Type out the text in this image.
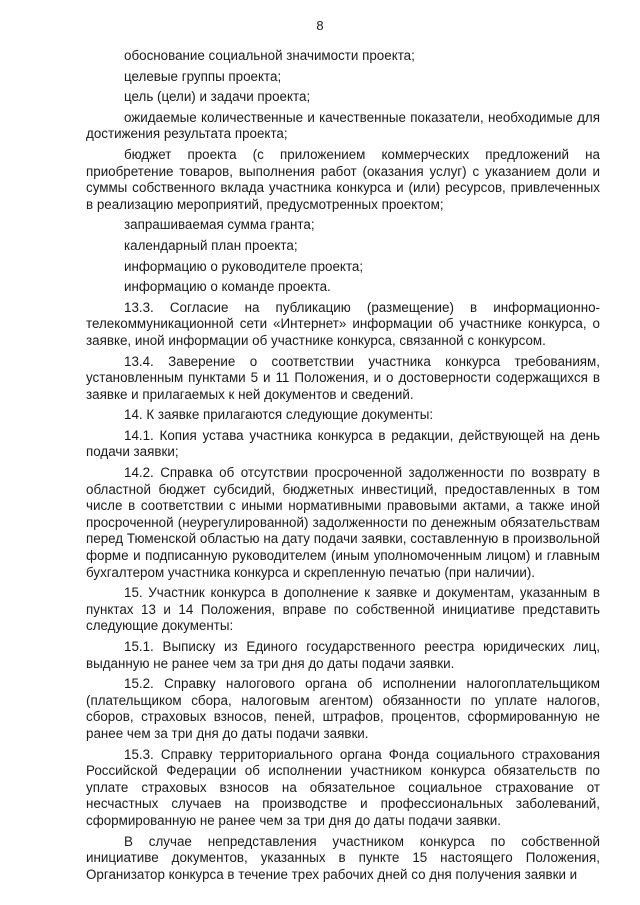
8

обоснование социальной значимости проекта;

целевые группы проекта;

цель (цели) и задачи проекта;

ожидаемые количественные и качественные показатели, необходимые для достижения результата проекта;

бюджет проекта (с приложением коммерческих предложений на приобретение товаров, выполнения работ (оказания услуг) с указанием доли и суммы собственного вклада участника конкурса и (или) ресурсов, привлеченных в реализацию мероприятий, предусмотренных проектом;

запрашиваемая сумма гранта;

календарный план проекта;

информацию о руководителе проекта;

информацию о команде проекта.

13.3. Согласие на публикацию (размещение) в информационно-телекоммуникационной сети «Интернет» информации об участнике конкурса, о заявке, иной информации об участнике конкурса, связанной с конкурсом.

13.4. Заверение о соответствии участника конкурса требованиям, установленным пунктами 5 и 11 Положения, и о достоверности содержащихся в заявке и прилагаемых к ней документов и сведений.

14. К заявке прилагаются следующие документы:

14.1. Копия устава участника конкурса в редакции, действующей на день подачи заявки;

14.2. Справка об отсутствии просроченной задолженности по возврату в областной бюджет субсидий, бюджетных инвестиций, предоставленных в том числе в соответствии с иными нормативными правовыми актами, а также иной просроченной (неурегулированной) задолженности по денежным обязательствам перед Тюменской областью на дату подачи заявки, составленную в произвольной форме и подписанную руководителем (иным уполномоченным лицом) и главным бухгалтером участника конкурса и скрепленную печатью (при наличии).

15. Участник конкурса в дополнение к заявке и документам, указанным в пунктах 13 и 14 Положения, вправе по собственной инициативе представить следующие документы:

15.1. Выписку из Единого государственного реестра юридических лиц, выданную не ранее чем за три дня до даты подачи заявки.

15.2. Справку налогового органа об исполнении налогоплательщиком (плательщиком сбора, налоговым агентом) обязанности по уплате налогов, сборов, страховых взносов, пеней, штрафов, процентов, сформированную не ранее чем за три дня до даты подачи заявки.

15.3. Справку территориального органа Фонда социального страхования Российской Федерации об исполнении участником конкурса обязательств по уплате страховых взносов на обязательное социальное страхование от несчастных случаев на производстве и профессиональных заболеваний, сформированную не ранее чем за три дня до даты подачи заявки.

В случае непредставления участником конкурса по собственной инициативе документов, указанных в пункте 15 настоящего Положения, Организатор конкурса в течение трех рабочих дней со дня получения заявки и
